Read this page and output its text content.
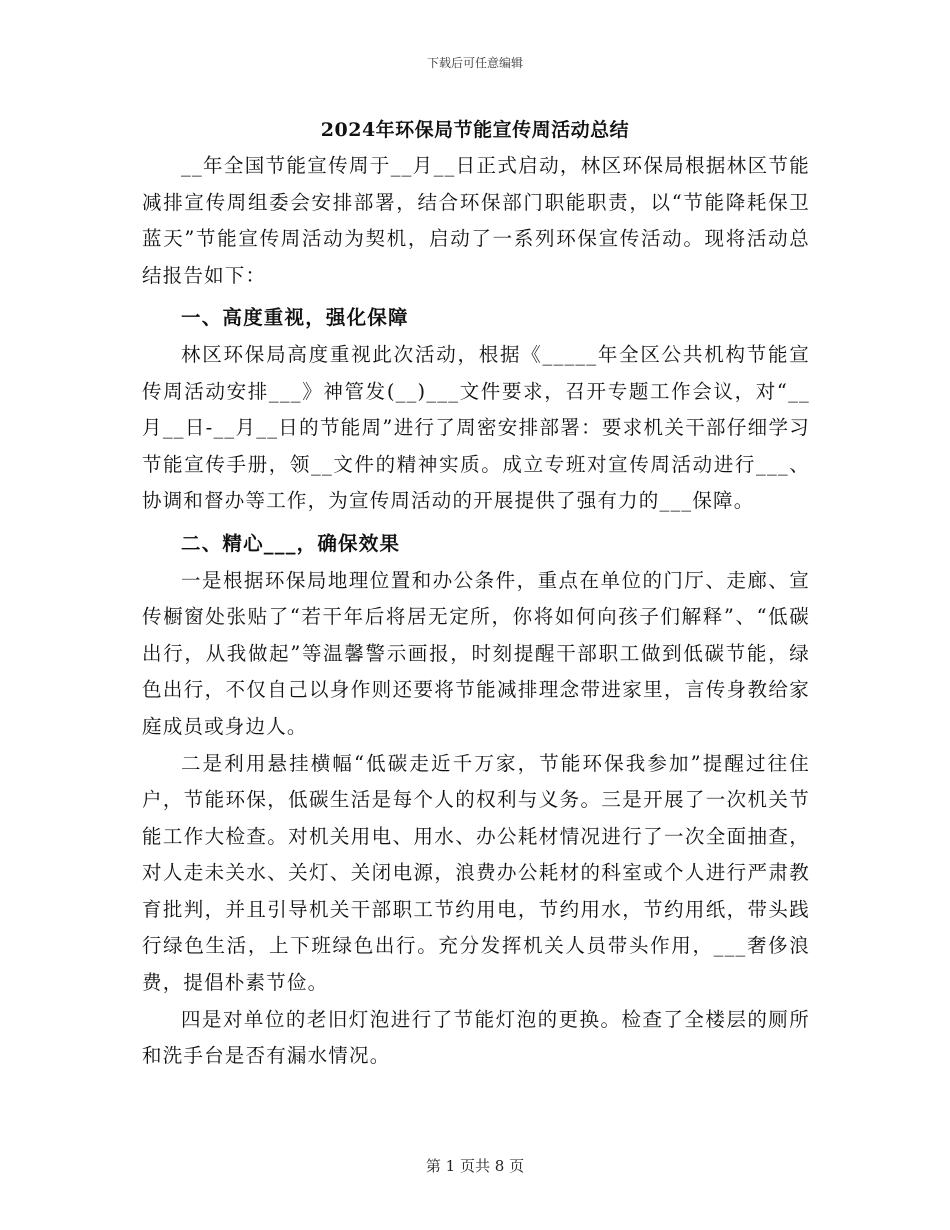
下载后可任意编辑
2024年环保局节能宣传周活动总结

__年全国节能宣传周于__月__日正式启动，林区环保局根据林区节能减排宣传周组委会安排部署，结合环保部门职能职责，以“节能降耗保卫蓝天”节能宣传周活动为契机，启动了一系列环保宣传活动。现将活动总结报告如下：

一、高度重视，强化保障

林区环保局高度重视此次活动，根据《_____年全区公共机构节能宣传周活动安排___》神管发(__)___文件要求，召开专题工作会议，对“__月__日-__月__日的节能周”进行了周密安排部署：要求机关干部仔细学习节能宣传手册，领__文件的精神实质。成立专班对宣传周活动进行___、协调和督办等工作，为宣传周活动的开展提供了强有力的___保障。

二、精心___，确保效果

一是根据环保局地理位置和办公条件，重点在单位的门厅、走廊、宣传橱窗处张贴了“若干年后将居无定所，你将如何向孩子们解释”、“低碳出行，从我做起”等温馨警示画报，时刻提醒干部职工做到低碳节能，绿色出行，不仅自己以身作则还要将节能减排理念带进家里，言传身教给家庭成员或身边人。

二是利用悬挂横幅“低碳走近千万家，节能环保我参加”提醒过往住户，节能环保，低碳生活是每个人的权利与义务。三是开展了一次机关节能工作大检查。对机关用电、用水、办公耗材情况进行了一次全面抽查，对人走未关水、关灯、关闭电源，浪费办公耗材的科室或个人进行严肃教育批判，并且引导机关干部职工节约用电，节约用水，节约用纸，带头践行绿色生活，上下班绿色出行。充分发挥机关人员带头作用，___奢侈浪费，提倡朴素节俭。

四是对单位的老旧灯泡进行了节能灯泡的更换。检查了全楼层的厕所和洗手台是否有漏水情况。

第 1 页共 8 页
